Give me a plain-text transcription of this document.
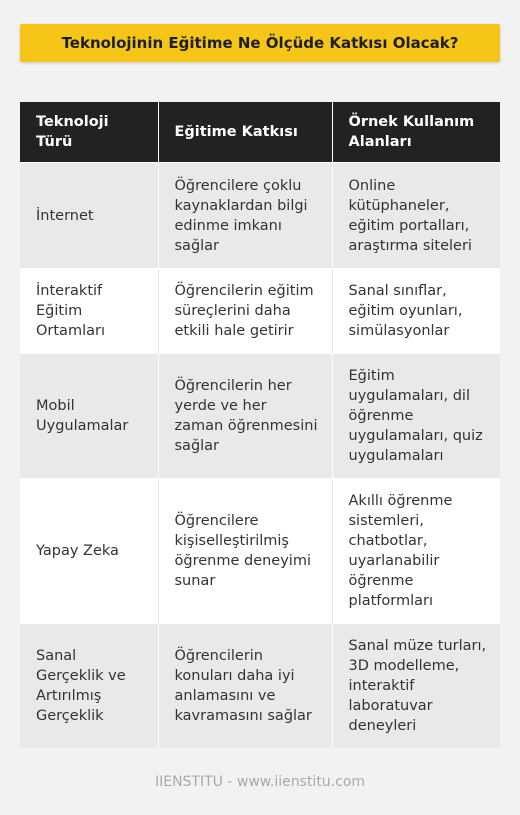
Teknolojinin Eğitime Ne Ölçüde Katkısı Olacak?
Teknoloji Türü	Eğitime Katkısı	Örnek Kullanım Alanları
İnternet	Öğrencilere çoklu kaynaklardan bilgi edinme imkanı sağlar	Online kütüphaneler, eğitim portalları, araştırma siteleri
İnteraktif Eğitim Ortamları	Öğrencilerin eğitim süreçlerini daha etkili hale getirir	Sanal sınıflar, eğitim oyunları, simülasyonlar
Mobil Uygulamalar	Öğrencilerin her yerde ve her zaman öğrenmesini sağlar	Eğitim uygulamaları, dil öğrenme uygulamaları, quiz uygulamaları
Yapay Zeka	Öğrencilere kişiselleştirilmiş öğrenme deneyimi sunar	Akıllı öğrenme sistemleri, chatbotlar, uyarlanabilir öğrenme platformları
Sanal Gerçeklik ve Artırılmış Gerçeklik	Öğrencilerin konuları daha iyi anlamasını ve kavramasını sağlar	Sanal müze turları, 3D modelleme, interaktif laboratuvar deneyleri
IIENSTITU - www.iienstitu.com
